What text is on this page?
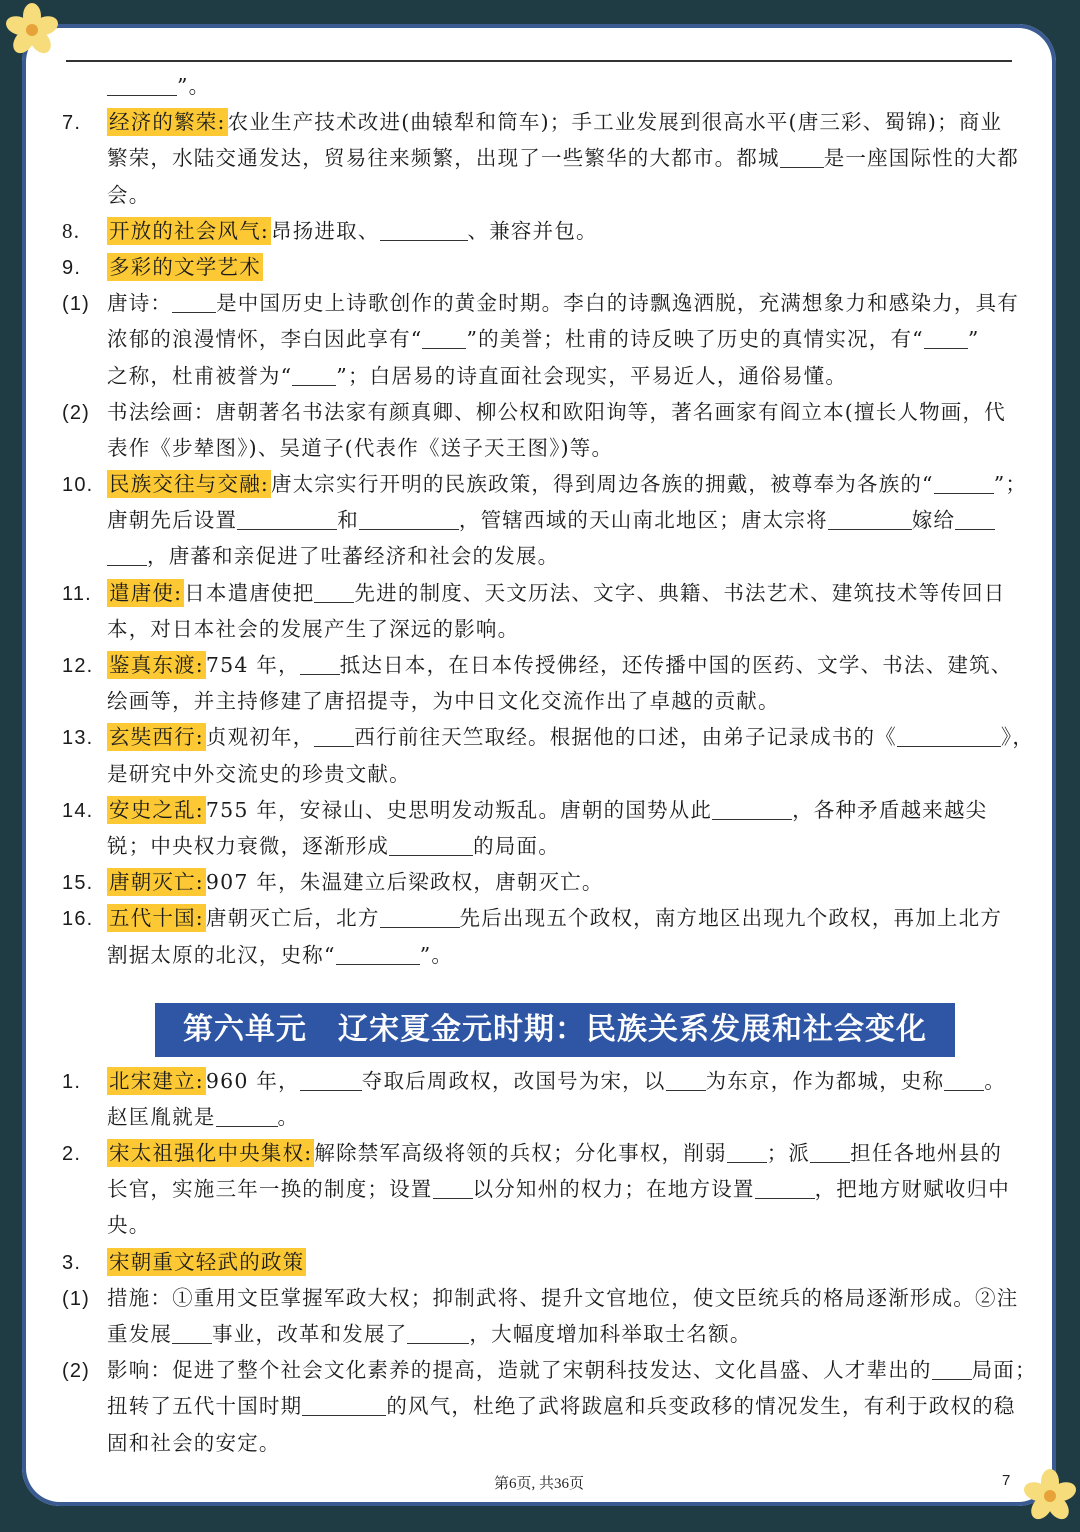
”。
7. 经济的繁荣:农业生产技术改进(曲辕犁和筒车)；手工业发展到很高水平(唐三彩、蜀锦)；商业
繁荣，水陆交通发达，贸易往来频繁，出现了一些繁华的大都市。都城 是一座国际性的大都
会。
8. 开放的社会风气:昂扬进取、	、兼容并包。
9. 多彩的文学艺术
(1) 唐诗： 是中国历史上诗歌创作的黄金时期。李白的诗飘逸洒脱，充满想象力和感染力，具有
浓郁的浪漫情怀，李白因此享有“ ”的美誉；杜甫的诗反映了历史的真情实况，有“ ”
之称，杜甫被誉为“ ”；白居易的诗直面社会现实，平易近人，通俗易懂。
(2) 书法绘画：唐朝著名书法家有颜真卿、柳公权和欧阳询等，著名画家有阎立本(擅长人物画，代
表作《步辇图》)、吴道子(代表作《送子天王图》)等。
10. 民族交往与交融:唐太宗实行开明的民族政策，得到周边各族的拥戴，被尊奉为各族的“	”；
唐朝先后设置	和	，管辖西域的天山南北地区；唐太宗将	嫁给
，唐蕃和亲促进了吐蕃经济和社会的发展。
11. 遣唐使:日本遣唐使把 先进的制度、天文历法、文字、典籍、书法艺术、建筑技术等传回日
本，对日本社会的发展产生了深远的影响。
12. 鉴真东渡:754 年， 抵达日本，在日本传授佛经，还传播中国的医药、文学、书法、建筑、
绘画等，并主持修建了唐招提寺，为中日文化交流作出了卓越的贡献。
13. 玄奘西行:贞观初年， 西行前往天竺取经。根据他的口述，由弟子记录成书的《	》，
是研究中外交流史的珍贵文献。
14. 安史之乱:755 年，安禄山、史思明发动叛乱。唐朝的国势从此	，各种矛盾越来越尖
锐；中央权力衰微，逐渐形成	的局面。
15. 唐朝灭亡:907 年，朱温建立后梁政权，唐朝灭亡。
16. 五代十国:唐朝灭亡后，北方	先后出现五个政权，南方地区出现九个政权，再加上北方
割据太原的北汉，史称“	”。
第六单元　辽宋夏金元时期：民族关系发展和社会变化
1. 北宋建立:960 年，	夺取后周政权，改国号为宋，以 为东京，作为都城，史称 。
赵匡胤就是	。
2. 宋太祖强化中央集权:解除禁军高级将领的兵权；分化事权，削弱 ；派 担任各地州县的
长官，实施三年一换的制度；设置 以分知州的权力；在地方设置	，把地方财赋收归中
央。
3. 宋朝重文轻武的政策
(1) 措施：①重用文臣掌握军政大权；抑制武将、提升文官地位，使文臣统兵的格局逐渐形成。②注
重发展 事业，改革和发展了	，大幅度增加科举取士名额。
(2) 影响：促进了整个社会文化素养的提高，造就了宋朝科技发达、文化昌盛、人才辈出的 局面；
扭转了五代十国时期	的风气，杜绝了武将跋扈和兵变政移的情况发生，有利于政权的稳
固和社会的安定。
第6页, 共36页	7
